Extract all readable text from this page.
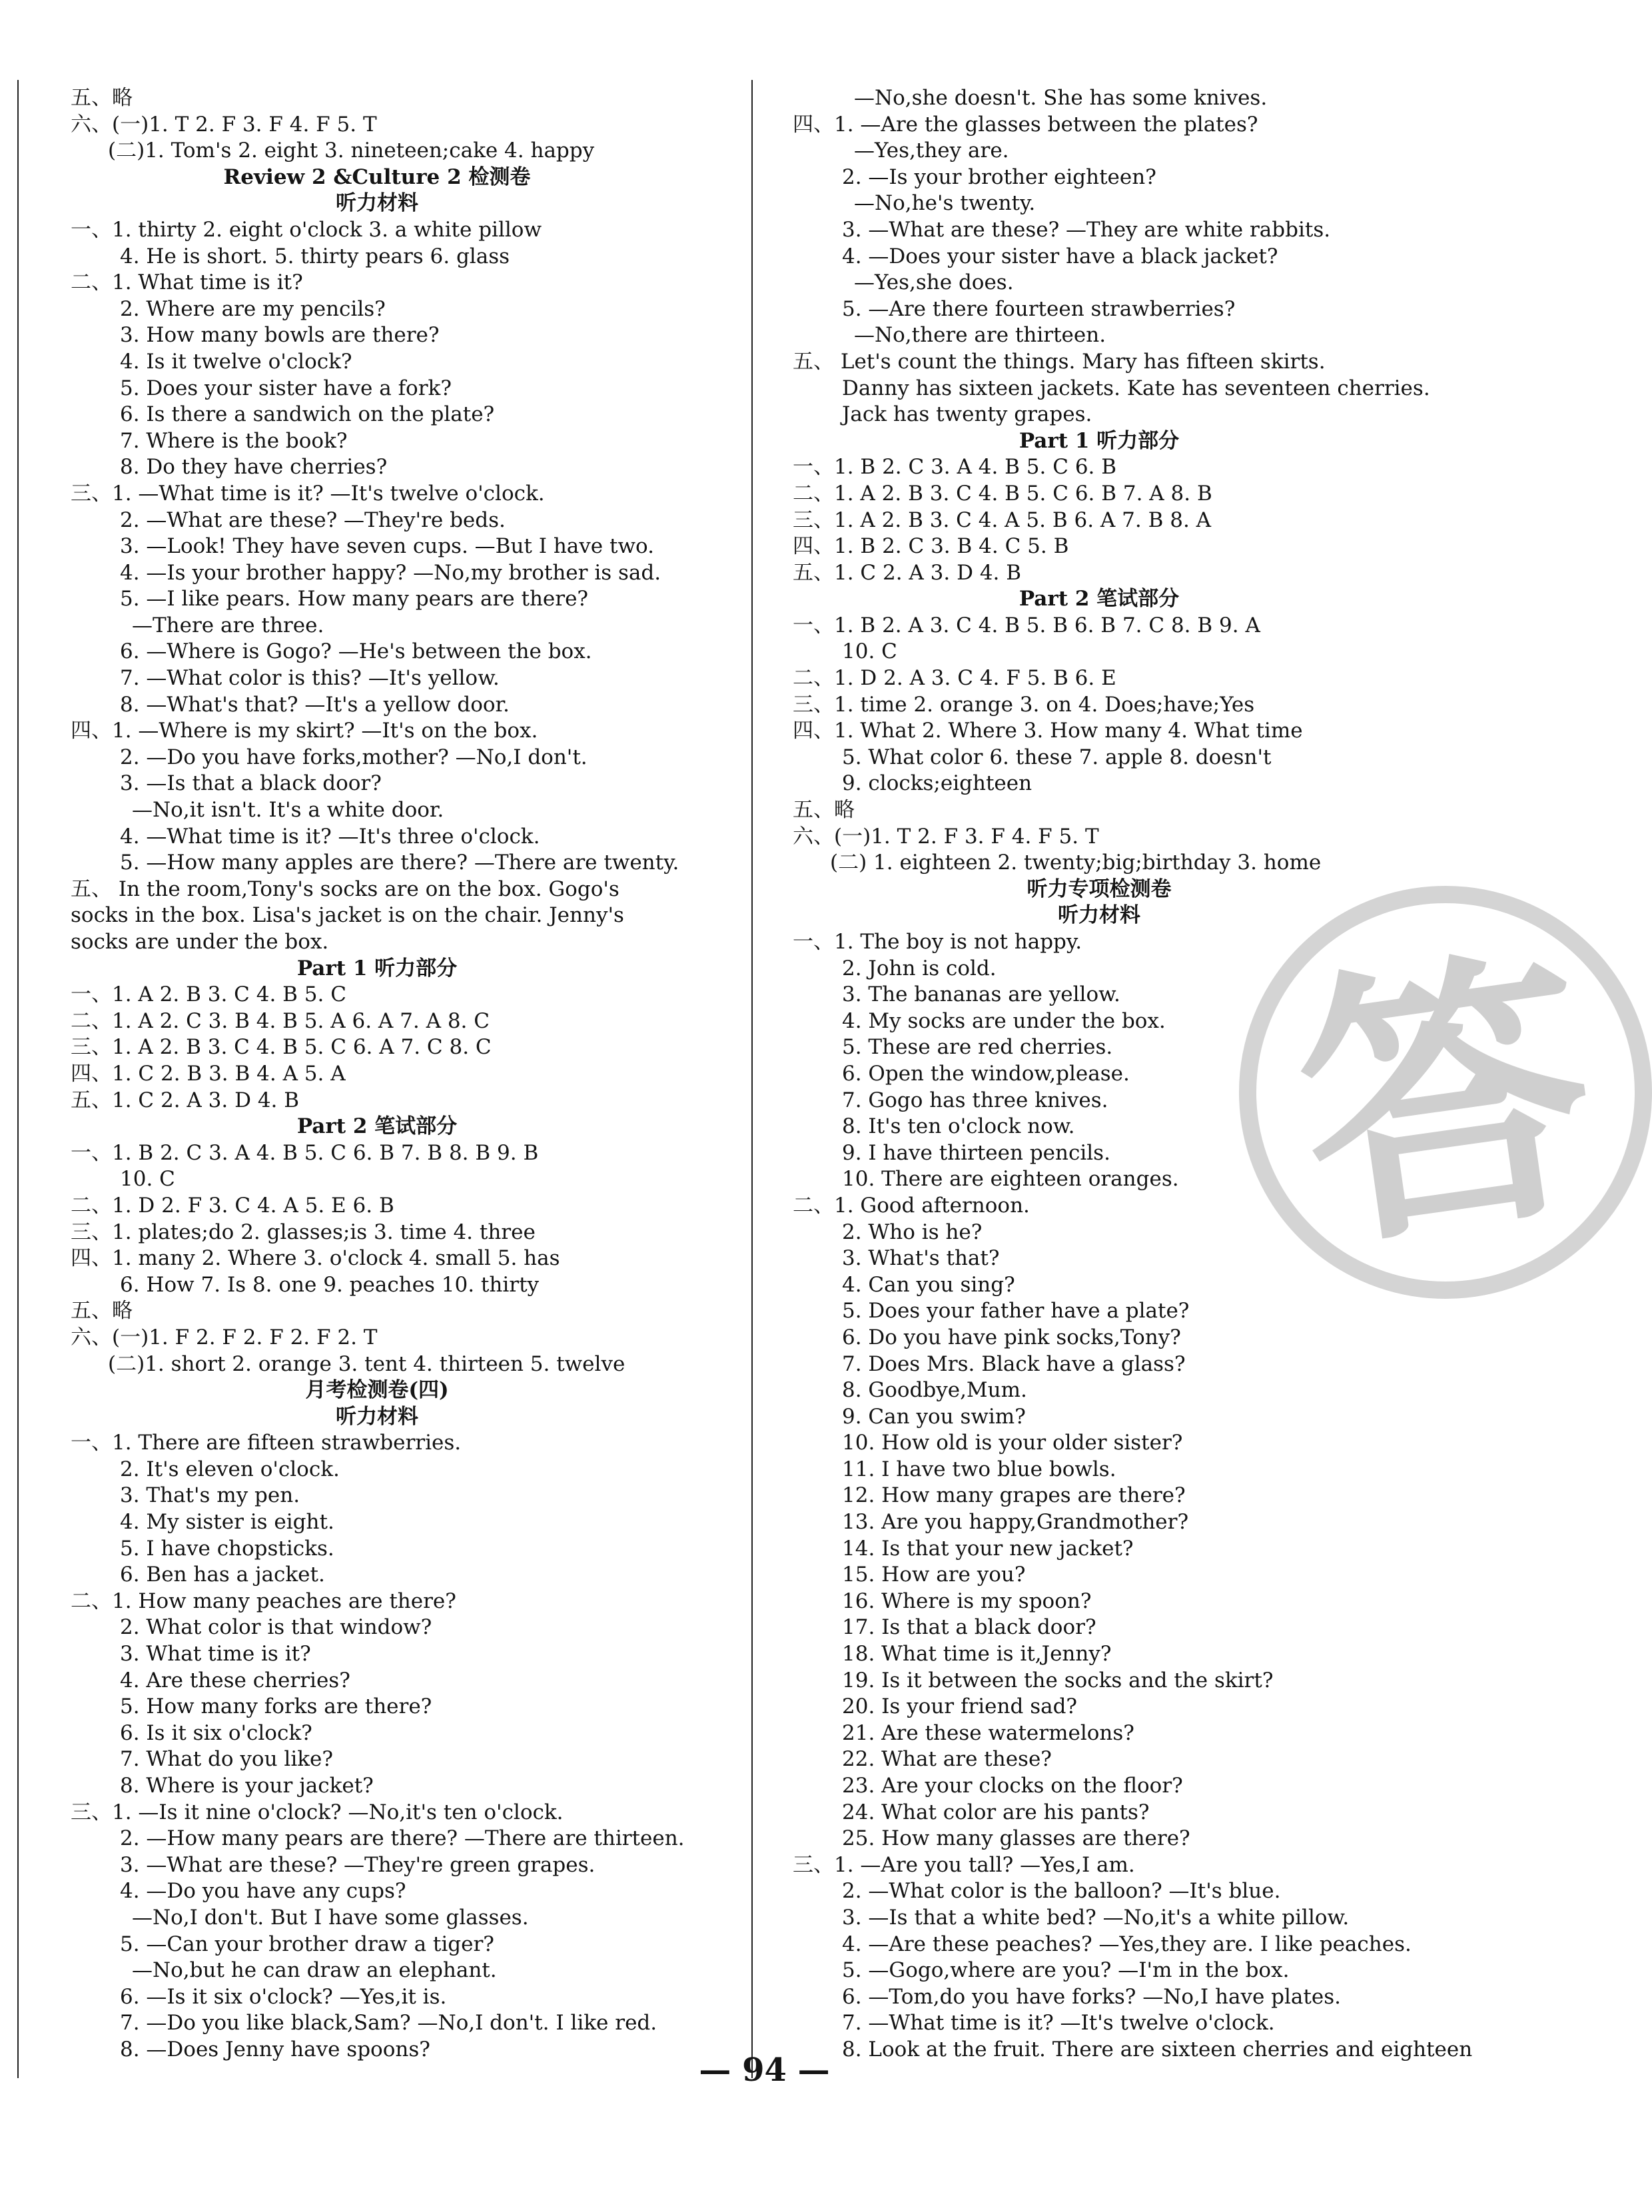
答
五、略
六、(一)1. T 2. F 3. F 4. F 5. T
(二)1. Tom's 2. eight 3. nineteen;cake 4. happy
Review 2 &Culture 2 检测卷
听力材料
一、1. thirty 2. eight o'clock 3. a white pillow
4. He is short. 5. thirty pears 6. glass
二、1. What time is it?
2. Where are my pencils?
3. How many bowls are there?
4. Is it twelve o'clock?
5. Does your sister have a fork?
6. Is there a sandwich on the plate?
7. Where is the book?
8. Do they have cherries?
三、1. —What time is it? —It's twelve o'clock.
2. —What are these? —They're beds.
3. —Look! They have seven cups. —But I have two.
4. —Is your brother happy? —No,my brother is sad.
5. —I like pears. How many pears are there?
—There are three.
6. —Where is Gogo? —He's between the box.
7. —What color is this? —It's yellow.
8. —What's that? —It's a yellow door.
四、1. —Where is my skirt? —It's on the box.
2. —Do you have forks,mother? —No,I don't.
3. —Is that a black door?
—No,it isn't. It's a white door.
4. —What time is it? —It's three o'clock.
5. —How many apples are there? —There are twenty.
五、 In the room,Tony's socks are on the box. Gogo's
socks in the box. Lisa's jacket is on the chair. Jenny's
socks are under the box.
Part 1 听力部分
一、1. A 2. B 3. C 4. B 5. C
二、1. A 2. C 3. B 4. B 5. A 6. A 7. A 8. C
三、1. A 2. B 3. C 4. B 5. C 6. A 7. C 8. C
四、1. C 2. B 3. B 4. A 5. A
五、1. C 2. A 3. D 4. B
Part 2 笔试部分
一、1. B 2. C 3. A 4. B 5. C 6. B 7. B 8. B 9. B
10. C
二、1. D 2. F 3. C 4. A 5. E 6. B
三、1. plates;do 2. glasses;is 3. time 4. three
四、1. many 2. Where 3. o'clock 4. small 5. has
6. How 7. Is 8. one 9. peaches 10. thirty
五、略
六、(一)1. F 2. F 2. F 2. F 2. T
(二)1. short 2. orange 3. tent 4. thirteen 5. twelve
月考检测卷(四)
听力材料
一、1. There are fifteen strawberries.
2. It's eleven o'clock.
3. That's my pen.
4. My sister is eight.
5. I have chopsticks.
6. Ben has a jacket.
二、1. How many peaches are there?
2. What color is that window?
3. What time is it?
4. Are these cherries?
5. How many forks are there?
6. Is it six o'clock?
7. What do you like?
8. Where is your jacket?
三、1. —Is it nine o'clock? —No,it's ten o'clock.
2. —How many pears are there? —There are thirteen.
3. —What are these? —They're green grapes.
4. —Do you have any cups?
—No,I don't. But I have some glasses.
5. —Can your brother draw a tiger?
—No,but he can draw an elephant.
6. —Is it six o'clock? —Yes,it is.
7. —Do you like black,Sam? —No,I don't. I like red.
8. —Does Jenny have spoons?
—No,she doesn't. She has some knives.
四、1. —Are the glasses between the plates?
—Yes,they are.
2. —Is your brother eighteen?
—No,he's twenty.
3. —What are these? —They are white rabbits.
4. —Does your sister have a black jacket?
—Yes,she does.
5. —Are there fourteen strawberries?
—No,there are thirteen.
五、 Let's count the things. Mary has fifteen skirts.
Danny has sixteen jackets. Kate has seventeen cherries.
Jack has twenty grapes.
Part 1 听力部分
一、1. B 2. C 3. A 4. B 5. C 6. B
二、1. A 2. B 3. C 4. B 5. C 6. B 7. A 8. B
三、1. A 2. B 3. C 4. A 5. B 6. A 7. B 8. A
四、1. B 2. C 3. B 4. C 5. B
五、1. C 2. A 3. D 4. B
Part 2 笔试部分
一、1. B 2. A 3. C 4. B 5. B 6. B 7. C 8. B 9. A
10. C
二、1. D 2. A 3. C 4. F 5. B 6. E
三、1. time 2. orange 3. on 4. Does;have;Yes
四、1. What 2. Where 3. How many 4. What time
5. What color 6. these 7. apple 8. doesn't
9. clocks;eighteen
五、略
六、(一)1. T 2. F 3. F 4. F 5. T
(二) 1. eighteen 2. twenty;big;birthday 3. home
听力专项检测卷
听力材料
一、1. The boy is not happy.
2. John is cold.
3. The bananas are yellow.
4. My socks are under the box.
5. These are red cherries.
6. Open the window,please.
7. Gogo has three knives.
8. It's ten o'clock now.
9. I have thirteen pencils.
10. There are eighteen oranges.
二、1. Good afternoon.
2. Who is he?
3. What's that?
4. Can you sing?
5. Does your father have a plate?
6. Do you have pink socks,Tony?
7. Does Mrs. Black have a glass?
8. Goodbye,Mum.
9. Can you swim?
10. How old is your older sister?
11. I have two blue bowls.
12. How many grapes are there?
13. Are you happy,Grandmother?
14. Is that your new jacket?
15. How are you?
16. Where is my spoon?
17. Is that a black door?
18. What time is it,Jenny?
19. Is it between the socks and the skirt?
20. Is your friend sad?
21. Are these watermelons?
22. What are these?
23. Are your clocks on the floor?
24. What color are his pants?
25. How many glasses are there?
三、1. —Are you tall? —Yes,I am.
2. —What color is the balloon? —It's blue.
3. —Is that a white bed? —No,it's a white pillow.
4. —Are these peaches? —Yes,they are. I like peaches.
5. —Gogo,where are you? —I'm in the box.
6. —Tom,do you have forks? —No,I have plates.
7. —What time is it? —It's twelve o'clock.
8. Look at the fruit. There are sixteen cherries and eighteen
— 94 —
